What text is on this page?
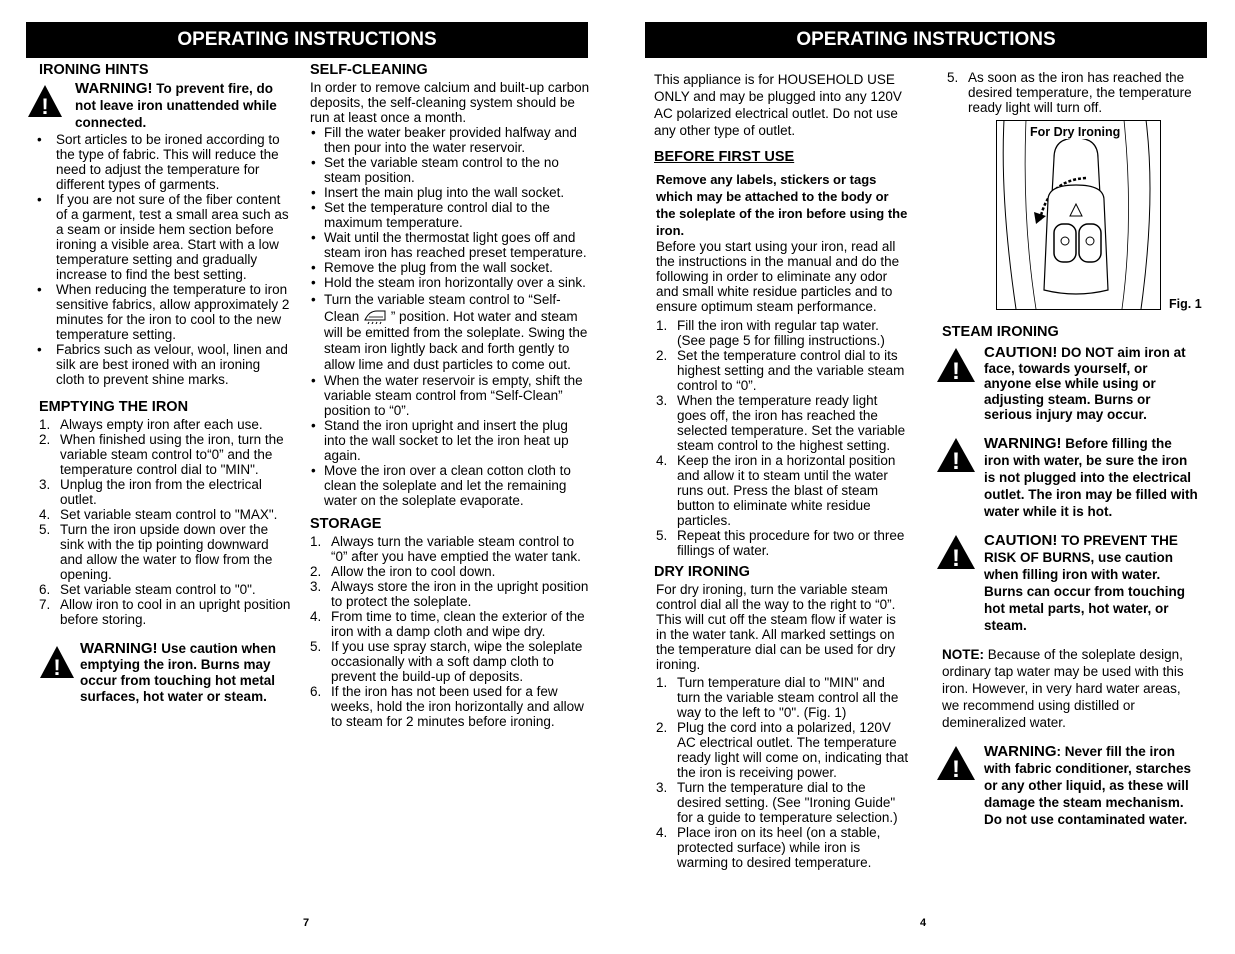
OPERATING INSTRUCTIONS
IRONING HINTS
!
WARNING! To prevent fire, do not leave iron unattended while connected.
• Sort articles to be ironed according to the type of fabric. This will reduce the need to adjust the temperature for different types of garments.
• If you are not sure of the fiber content of a garment, test a small area such as a seam or inside hem section before ironing a visible area. Start with a low temperature setting and gradually increase to find the best setting.
• When reducing the temperature to iron sensitive fabrics, allow approximately 2 minutes for the iron to cool to the new temperature setting.
• Fabrics such as velour, wool, linen and silk are best ironed with an ironing cloth to prevent shine marks.
EMPTYING THE IRON
1. Always empty iron after each use.
2. When finished using the iron, turn the variable steam control to“0” and the temperature control dial to "MIN".
3. Unplug the iron from the electrical outlet.
4. Set variable steam control to "MAX".
5. Turn the iron upside down over the sink with the tip pointing downward and allow the water to flow from the opening.
6. Set variable steam control to "0".
7. Allow iron to cool in an upright position before storing.
!
WARNING! Use caution when emptying the iron. Burns may occur from touching hot metal surfaces, hot water or steam.
SELF-CLEANING

In order to remove calcium and built-up carbon deposits, the self-cleaning system should be run at least once a month.

• Fill the water beaker provided halfway and then pour into the water reservoir.
• Set the variable steam control to the no steam position.
• Insert the main plug into the wall socket.
• Set the temperature control dial to the maximum temperature.
• Wait until the thermostat light goes off and steam iron has reached preset temperature.
• Remove the plug from the wall socket.
• Hold the steam iron horizontally over a sink.
• Turn the variable steam control to “Self-Clean ” position. Hot water and steam will be emitted from the soleplate. Swing the steam iron lightly back and forth gently to allow lime and dust particles to come out.
• When the water reservoir is empty, shift the variable steam control from “Self-Clean” position to “0”.
• Stand the iron upright and insert the plug into the wall socket to let the iron heat up again.
• Move the iron over a clean cotton cloth to clean the soleplate and let the remaining water on the soleplate evaporate.
STORAGE
1. Always turn the variable steam control to “0” after you have emptied the water tank.
2. Allow the iron to cool down.
3. Always store the iron in the upright position to protect the soleplate.
4. From time to time, clean the exterior of the iron with a damp cloth and wipe dry.
5. If you use spray starch, wipe the soleplate occasionally with a soft damp cloth to prevent the build-up of deposits.
6. If the iron has not been used for a few weeks, hold the iron horizontally and allow to steam for 2 minutes before ironing.
7
OPERATING INSTRUCTIONS

This appliance is for HOUSEHOLD USE ONLY and may be plugged into any 120V AC polarized electrical outlet. Do not use any other type of outlet.

BEFORE FIRST USE

Remove any labels, stickers or tags which may be attached to the body or the soleplate of the iron before using the iron.

Before you start using your iron, read all the instructions in the manual and do the following in order to eliminate any odor and small white residue particles and to ensure optimum steam performance.

1. Fill the iron with regular tap water. (See page 5 for filling instructions.)
2. Set the temperature control dial to its highest setting and the variable steam control to “0”.
3. When the temperature ready light goes off, the iron has reached the selected temperature. Set the variable steam control to the highest setting.
4. Keep the iron in a horizontal position and allow it to steam until the water runs out. Press the blast of steam button to eliminate white residue particles.
5. Repeat this procedure for two or three fillings of water.
DRY IRONING

For dry ironing, turn the variable steam control dial all the way to the right to “0”. This will cut off the steam flow if water is in the water tank. All marked settings on the temperature dial can be used for dry ironing.

1. Turn temperature dial to "MIN" and turn the variable steam control all the way to the left to "0". (Fig. 1)
2. Plug the cord into a polarized, 120V AC electrical outlet. The temperature ready light will come on, indicating that the iron is receiving power.
3. Turn the temperature dial to the desired setting. (See "Ironing Guide" for a guide to temperature selection.)
4. Place iron on its heel (on a stable, protected surface) while iron is warming to desired temperature.
5. As soon as the iron has reached the desired temperature, the temperature ready light will turn off.
For Dry Ironing
Fig. 1
STEAM IRONING
!
CAUTION! DO NOT aim iron at face, towards yourself, or anyone else while using or adjusting steam. Burns or serious injury may occur.
!
WARNING! Before filling the iron with water, be sure the iron is not plugged into the electrical outlet. The iron may be filled with water while it is hot.
!
CAUTION! TO PREVENT THE RISK OF BURNS, use caution when filling iron with water. Burns can occur from touching hot metal parts, hot water, or steam.

NOTE: Because of the soleplate design, ordinary tap water may be used with this iron. However, in very hard water areas, we recommend using distilled or demineralized water.

!
WARNING: Never fill the iron with fabric conditioner, starches or any other liquid, as these will damage the steam mechanism. Do not use contaminated water.
4
